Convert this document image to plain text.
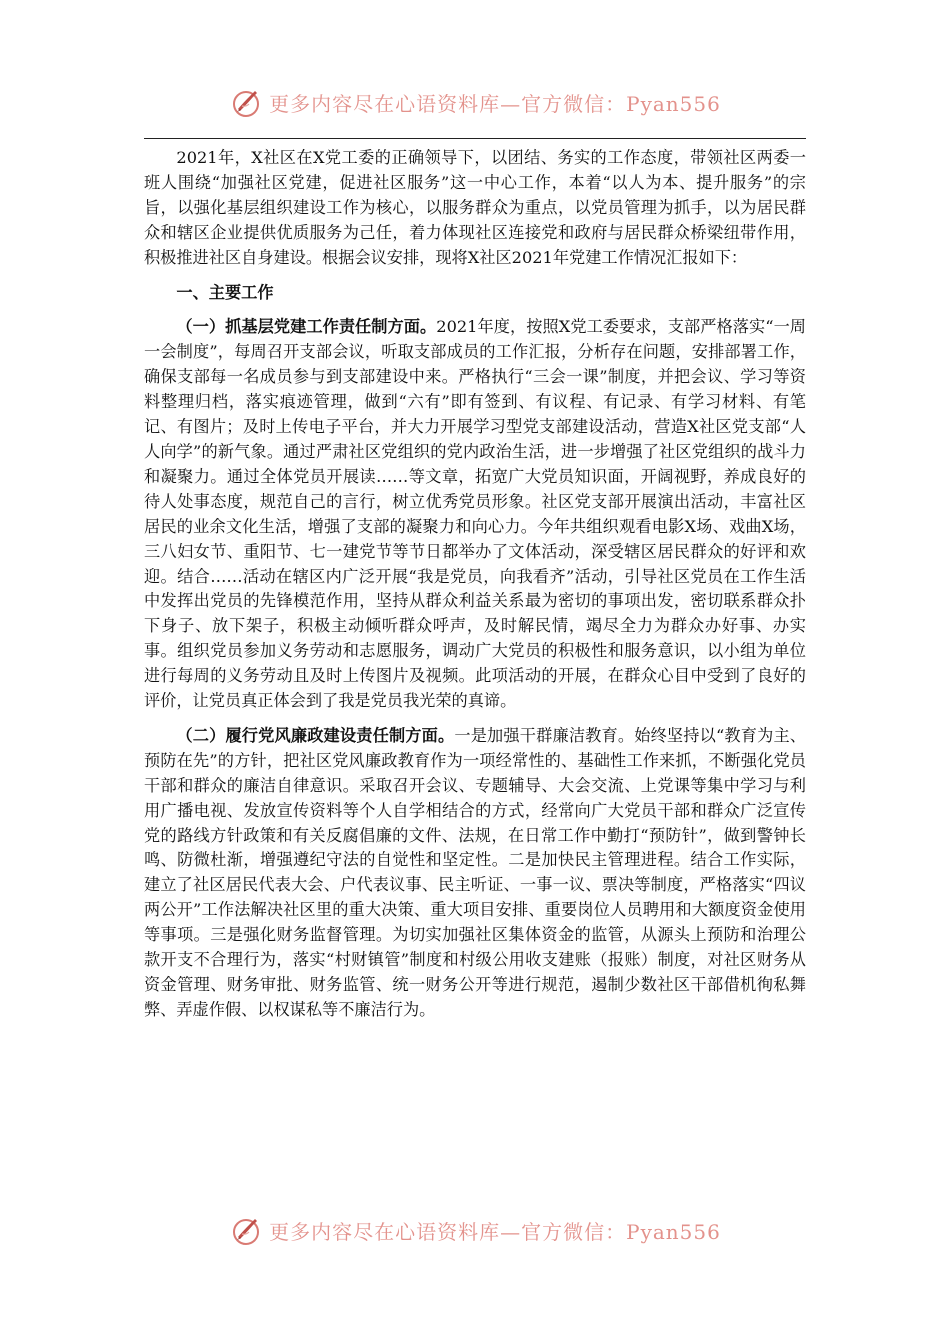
更多内容尽在心语资料库—官方微信：Pyan556

2021年，X社区在X党工委的正确领导下，以团结、务实的工作态度，带领社区两委一班人围绕“加强社区党建，促进社区服务”这一中心工作，本着“以人为本、提升服务”的宗旨，以强化基层组织建设工作为核心，以服务群众为重点，以党员管理为抓手，以为居民群众和辖区企业提供优质服务为己任，着力体现社区连接党和政府与居民群众桥梁纽带作用，积极推进社区自身建设。根据会议安排，现将X社区2021年党建工作情况汇报如下：

一、主要工作

（一）抓基层党建工作责任制方面。2021年度，按照X党工委要求，支部严格落实“一周一会制度”，每周召开支部会议，听取支部成员的工作汇报，分析存在问题，安排部署工作，确保支部每一名成员参与到支部建设中来。严格执行“三会一课”制度，并把会议、学习等资料整理归档，落实痕迹管理，做到“六有”即有签到、有议程、有记录、有学习材料、有笔记、有图片；及时上传电子平台，并大力开展学习型党支部建设活动，营造X社区党支部“人人向学”的新气象。通过严肃社区党组织的党内政治生活，进一步增强了社区党组织的战斗力和凝聚力。通过全体党员开展读……等文章，拓宽广大党员知识面，开阔视野，养成良好的待人处事态度，规范自己的言行，树立优秀党员形象。社区党支部开展演出活动，丰富社区居民的业余文化生活，增强了支部的凝聚力和向心力。今年共组织观看电影X场、戏曲X场，三八妇女节、重阳节、七一建党节等节日都举办了文体活动，深受辖区居民群众的好评和欢迎。结合……活动在辖区内广泛开展“我是党员，向我看齐”活动，引导社区党员在工作生活中发挥出党员的先锋模范作用，坚持从群众利益关系最为密切的事项出发，密切联系群众扑下身子、放下架子，积极主动倾听群众呼声，及时解民情，竭尽全力为群众办好事、办实事。组织党员参加义务劳动和志愿服务，调动广大党员的积极性和服务意识，以小组为单位进行每周的义务劳动且及时上传图片及视频。此项活动的开展，在群众心目中受到了良好的评价，让党员真正体会到了我是党员我光荣的真谛。

（二）履行党风廉政建设责任制方面。一是加强干群廉洁教育。始终坚持以“教育为主、预防在先”的方针，把社区党风廉政教育作为一项经常性的、基础性工作来抓，不断强化党员干部和群众的廉洁自律意识。采取召开会议、专题辅导、大会交流、上党课等集中学习与利用广播电视、发放宣传资料等个人自学相结合的方式，经常向广大党员干部和群众广泛宣传党的路线方针政策和有关反腐倡廉的文件、法规，在日常工作中勤打“预防针”，做到警钟长鸣、防微杜渐，增强遵纪守法的自觉性和坚定性。二是加快民主管理进程。结合工作实际，建立了社区居民代表大会、户代表议事、民主听证、一事一议、票决等制度，严格落实“四议两公开”工作法解决社区里的重大决策、重大项目安排、重要岗位人员聘用和大额度资金使用等事项。三是强化财务监督管理。为切实加强社区集体资金的监管，从源头上预防和治理公款开支不合理行为，落实“村财镇管”制度和村级公用收支建账（报账）制度，对社区财务从资金管理、财务审批、财务监管、统一财务公开等进行规范，遏制少数社区干部借机徇私舞弊、弄虚作假、以权谋私等不廉洁行为。

更多内容尽在心语资料库—官方微信：Pyan556
